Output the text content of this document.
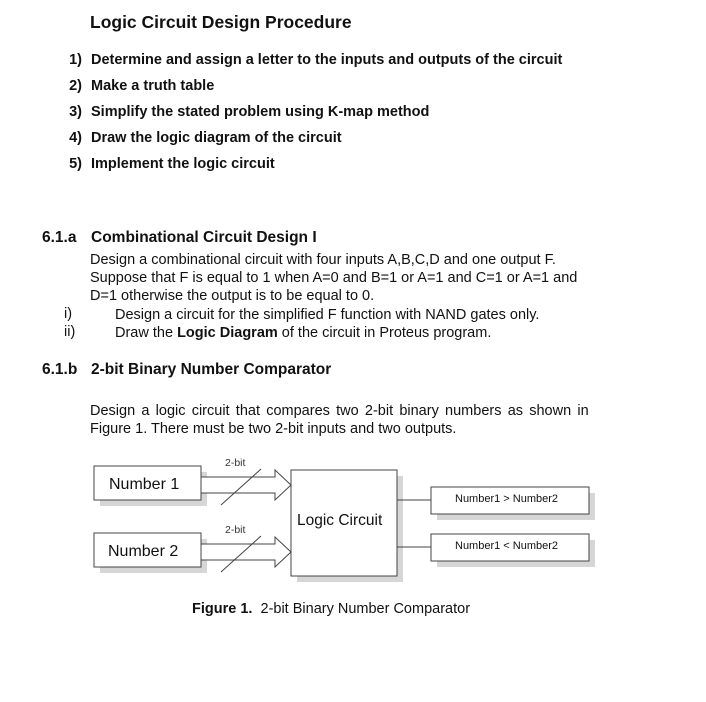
Logic Circuit Design Procedure
1) Determine and assign a letter to the inputs and outputs of the circuit
2) Make a truth table
3) Simplify the stated problem using K-map method
4) Draw the logic diagram of the circuit
5) Implement the logic circuit
6.1.a Combinational Circuit Design I
Design a combinational circuit with four inputs A,B,C,D and one output F.
Suppose that F is equal to 1 when A=0 and B=1 or A=1 and C=1 or A=1 and
D=1 otherwise the output is to be equal to 0.
i)	Design a circuit for the simplified F function with NAND gates only.
ii)	Draw the Logic Diagram of the circuit in Proteus program.
6.1.b 2-bit Binary Number Comparator
Design a logic circuit that compares two 2-bit binary numbers as shown in
Figure 1. There must be two 2-bit inputs and two outputs.
Number 1
Number 2
2-bit
2-bit
Logic Circuit
Number1 > Number2
Number1 < Number2
Figure 1. 2-bit Binary Number Comparator
